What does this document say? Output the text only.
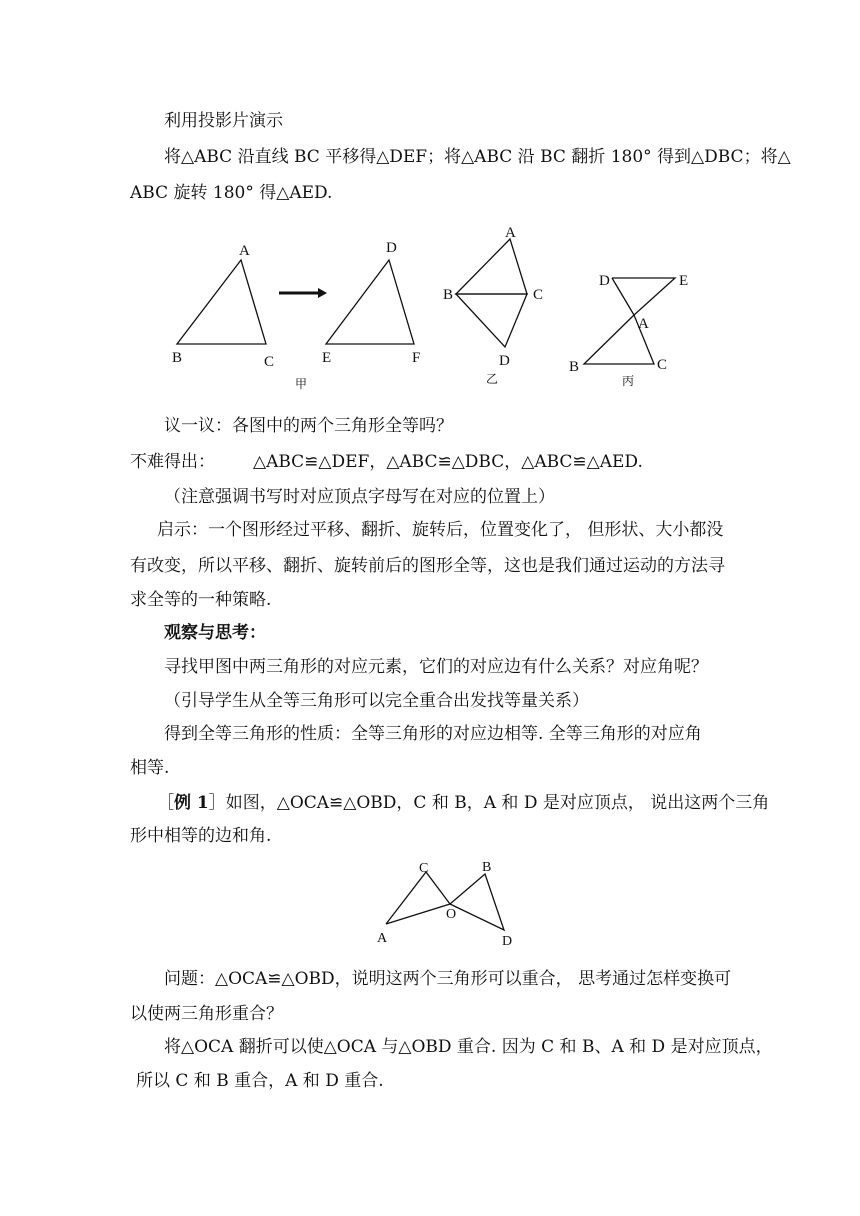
利用投影片演示
将△ABC 沿直线 BC 平移得△DEF；将△ABC 沿 BC 翻折 180° 得到△DBC；将△
ABC 旋转 180° 得△AED.
A
B	C
D
E	F
A
B	C
D
D	E
A
B	C
甲	乙	丙
议一议：各图中的两个三角形全等吗？
不难得出： △ABC≌△DEF，△ABC≌△DBC，△ABC≌△AED.
（注意强调书写时对应顶点字母写在对应的位置上）
启示：一个图形经过平移、翻折、旋转后，位置变化了， 但形状、大小都没
有改变，所以平移、翻折、旋转前后的图形全等，这也是我们通过运动的方法寻
求全等的一种策略.
观察与思考：
寻找甲图中两三角形的对应元素，它们的对应边有什么关系？对应角呢？
（引导学生从全等三角形可以完全重合出发找等量关系）
得到全等三角形的性质：全等三角形的对应边相等. 全等三角形的对应角
相等.
［例 1］如图，△OCA≌△OBD，C 和 B，A 和 D 是对应顶点， 说出这两个三角
形中相等的边和角.
C	B
O
A	D
问题：△OCA≌△OBD，说明这两个三角形可以重合， 思考通过怎样变换可
以使两三角形重合？
将△OCA 翻折可以使△OCA 与△OBD 重合. 因为 C 和 B、A 和 D 是对应顶点，
所以 C 和 B 重合，A 和 D 重合.
